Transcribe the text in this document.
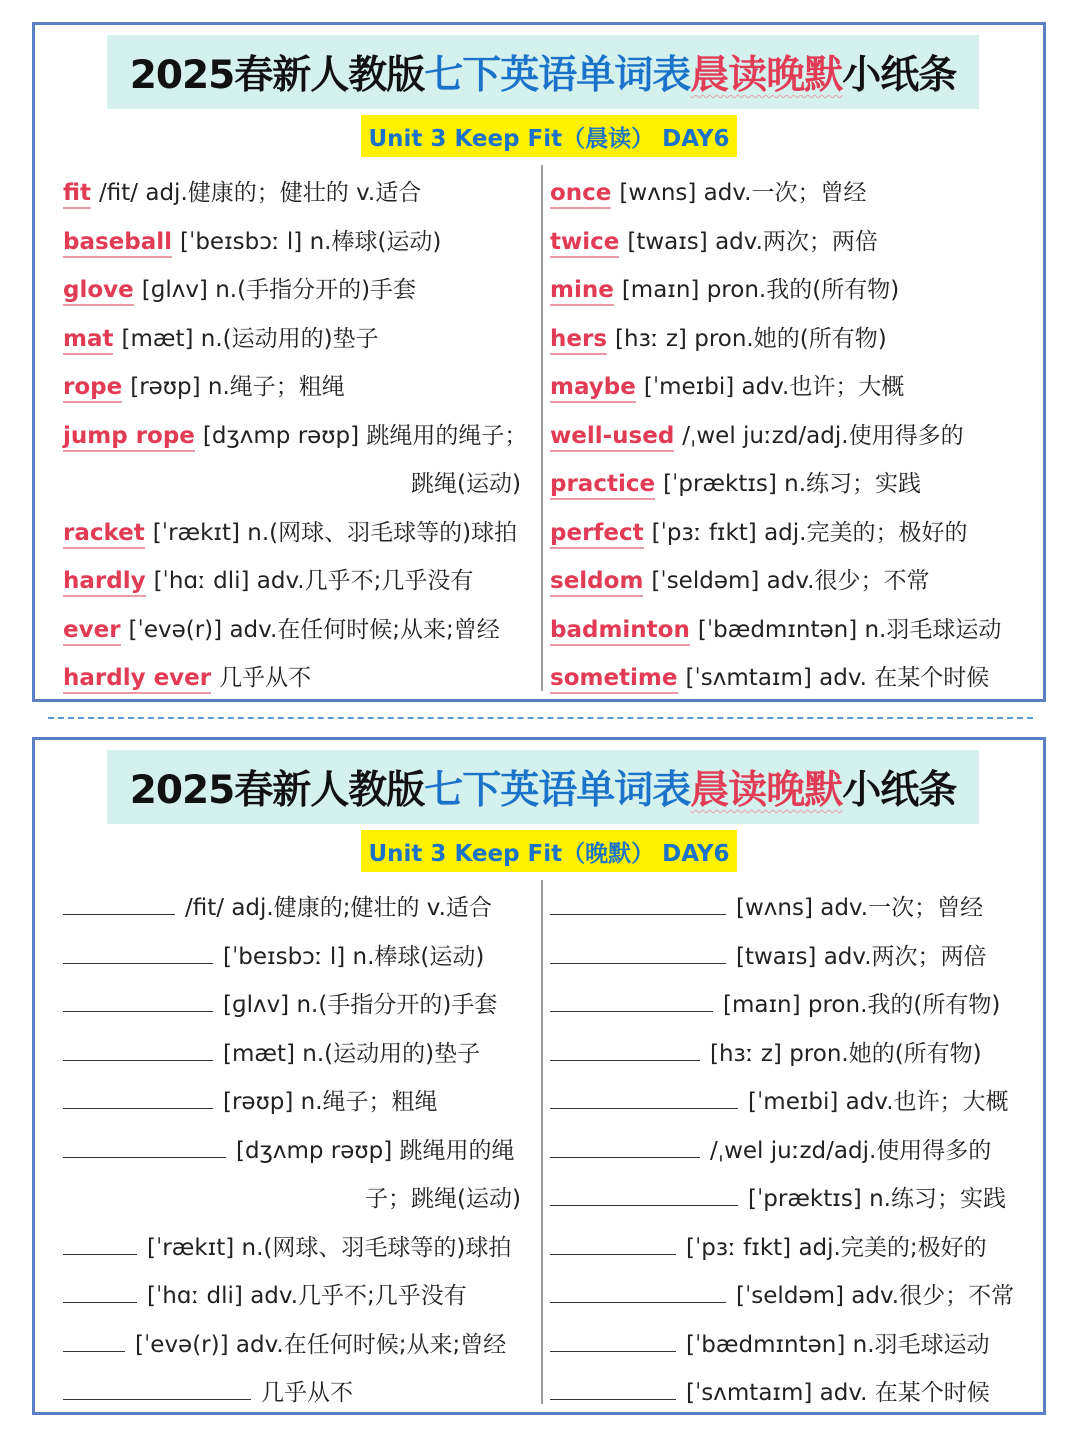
2025春新人教版 七下英语单词表 晨读晚默 小纸条
Unit 3 Keep Fit（晨读） DAY6
fit /fit/ adj.健康的；健壮的 v.适合
baseball [ˈbeɪsbɔː l] n.棒球(运动)
glove [ɡlʌv] n.(手指分开的)手套
mat [mæt] n.(运动用的)垫子
rope [rəʊp] n.绳子；粗绳
jump rope [dʒʌmp rəʊp] 跳绳用的绳子；
跳绳(运动)
racket [ˈrækɪt] n.(网球、羽毛球等的)球拍
hardly [ˈhɑː dli] adv.几乎不;几乎没有
ever [ˈevə(r)] adv.在任何时候;从来;曾经
hardly ever 几乎从不
once [wʌns] adv.一次；曾经
twice [twaɪs] adv.两次；两倍
mine [maɪn] pron.我的(所有物)
hers [hɜː z] pron.她的(所有物)
maybe [ˈmeɪbi] adv.也许；大概
well-used /ˌwel juːzd/adj.使用得多的
practice [ˈpræktɪs] n.练习；实践
perfect [ˈpɜː fɪkt] adj.完美的；极好的
seldom [ˈseldəm] adv.很少；不常
badminton [ˈbædmɪntən] n.羽毛球运动
sometime [ˈsʌmtaɪm] adv. 在某个时候
2025春新人教版 七下英语单词表 晨读晚默 小纸条
Unit 3 Keep Fit（晚默） DAY6
/fit/ adj.健康的;健壮的 v.适合
[ˈbeɪsbɔː l] n.棒球(运动)
[ɡlʌv] n.(手指分开的)手套
[mæt] n.(运动用的)垫子
[rəʊp] n.绳子；粗绳
[dʒʌmp rəʊp] 跳绳用的绳
子；跳绳(运动)
[ˈrækɪt] n.(网球、羽毛球等的)球拍
[ˈhɑː dli] adv.几乎不;几乎没有
[ˈevə(r)] adv.在任何时候;从来;曾经
几乎从不
[wʌns] adv.一次；曾经
[twaɪs] adv.两次；两倍
[maɪn] pron.我的(所有物)
[hɜː z] pron.她的(所有物)
[ˈmeɪbi] adv.也许；大概
/ˌwel juːzd/adj.使用得多的
[ˈpræktɪs] n.练习；实践
[ˈpɜː fɪkt] adj.完美的;极好的
[ˈseldəm] adv.很少；不常
[ˈbædmɪntən] n.羽毛球运动
[ˈsʌmtaɪm] adv. 在某个时候
